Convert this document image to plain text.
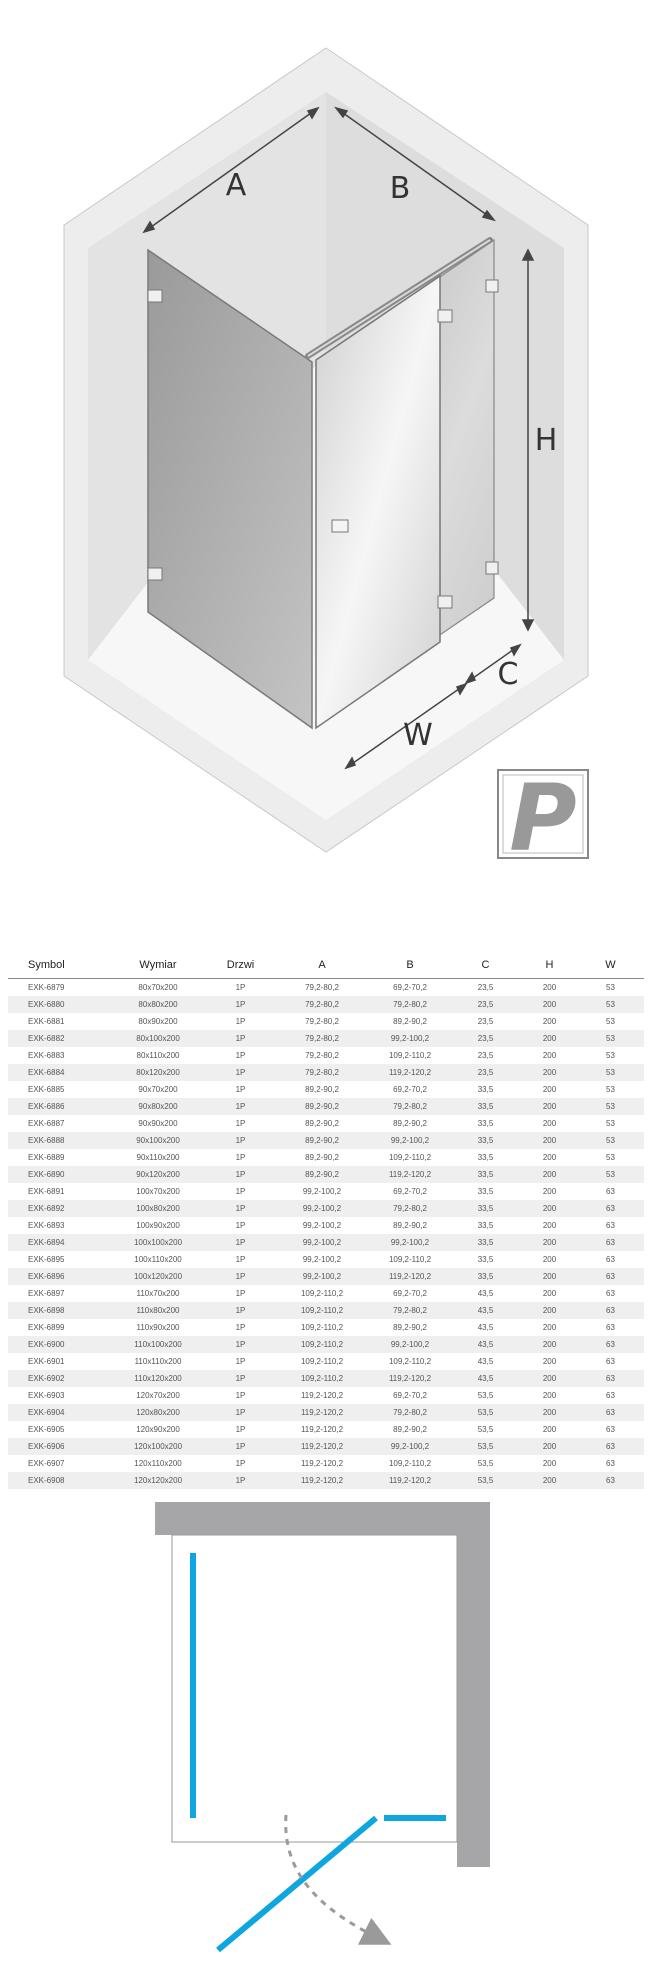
A	B
H
C
W
P
Symbol	Wymiar	Drzwi	A	B	C	H	W
EXK-6879	80x70x200	1P	79,2-80,2	69,2-70,2	23,5	200	53
EXK-6880	80x80x200	1P	79,2-80,2	79,2-80,2	23,5	200	53
EXK-6881	80x90x200	1P	79,2-80,2	89,2-90,2	23,5	200	53
EXK-6882	80x100x200	1P	79,2-80,2	99,2-100,2	23,5	200	53
EXK-6883	80x110x200	1P	79,2-80,2	109,2-110,2	23,5	200	53
EXK-6884	80x120x200	1P	79,2-80,2	119,2-120,2	23,5	200	53
EXK-6885	90x70x200	1P	89,2-90,2	69,2-70,2	33,5	200	53
EXK-6886	90x80x200	1P	89,2-90,2	79,2-80,2	33,5	200	53
EXK-6887	90x90x200	1P	89,2-90,2	89,2-90,2	33,5	200	53
EXK-6888	90x100x200	1P	89,2-90,2	99,2-100,2	33,5	200	53
EXK-6889	90x110x200	1P	89,2-90,2	109,2-110,2	33,5	200	53
EXK-6890	90x120x200	1P	89,2-90,2	119,2-120,2	33,5	200	53
EXK-6891	100x70x200	1P	99,2-100,2	69,2-70,2	33,5	200	63
EXK-6892	100x80x200	1P	99,2-100,2	79,2-80,2	33,5	200	63
EXK-6893	100x90x200	1P	99,2-100,2	89,2-90,2	33,5	200	63
EXK-6894	100x100x200	1P	99,2-100,2	99,2-100,2	33,5	200	63
EXK-6895	100x110x200	1P	99,2-100,2	109,2-110,2	33,5	200	63
EXK-6896	100x120x200	1P	99,2-100,2	119,2-120,2	33,5	200	63
EXK-6897	110x70x200	1P	109,2-110,2	69,2-70,2	43,5	200	63
EXK-6898	110x80x200	1P	109,2-110,2	79,2-80,2	43,5	200	63
EXK-6899	110x90x200	1P	109,2-110,2	89,2-90,2	43,5	200	63
EXK-6900	110x100x200	1P	109,2-110,2	99,2-100,2	43,5	200	63
EXK-6901	110x110x200	1P	109,2-110,2	109,2-110,2	43,5	200	63
EXK-6902	110x120x200	1P	109,2-110,2	119,2-120,2	43,5	200	63
EXK-6903	120x70x200	1P	119,2-120,2	69,2-70,2	53,5	200	63
EXK-6904	120x80x200	1P	119,2-120,2	79,2-80,2	53,5	200	63
EXK-6905	120x90x200	1P	119,2-120,2	89,2-90,2	53,5	200	63
EXK-6906	120x100x200	1P	119,2-120,2	99,2-100,2	53,5	200	63
EXK-6907	120x110x200	1P	119,2-120,2	109,2-110,2	53,5	200	63
EXK-6908	120x120x200	1P	119,2-120,2	119,2-120,2	53,5	200	63
